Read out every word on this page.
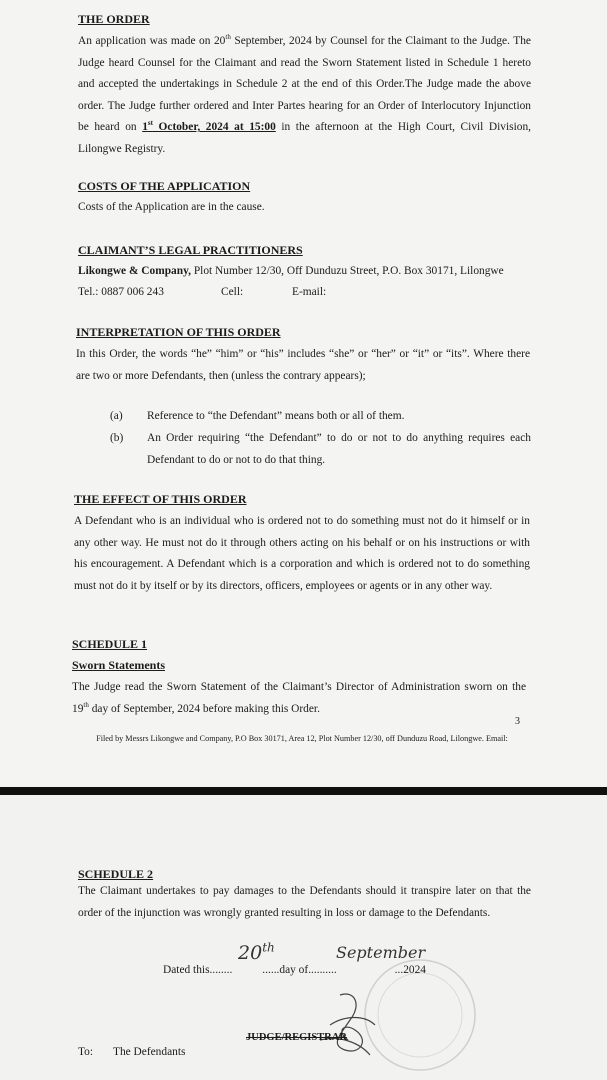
THE ORDER
An application was made on 20th September, 2024 by Counsel for the Claimant to the Judge. The Judge heard Counsel for the Claimant and read the Sworn Statement listed in Schedule 1 hereto and accepted the undertakings in Schedule 2 at the end of this Order.The Judge made the above order. The Judge further ordered and Inter Partes hearing for an Order of Interlocutory Injunction be heard on 1st October, 2024 at 15:00 in the afternoon at the High Court, Civil Division, Lilongwe Registry.
COSTS OF THE APPLICATION
Costs of the Application are in the cause.
CLAIMANT’S LEGAL PRACTITIONERS
Likongwe & Company, Plot Number 12/30, Off Dunduzu Street, P.O. Box 30171, Lilongwe
Tel.: 0887 006 243	Cell:	E-mail:
INTERPRETATION OF THIS ORDER
In this Order, the words “he” “him” or “his” includes “she” or “her” or “it” or “its”. Where there are two or more Defendants, then (unless the contrary appears);
(a) Reference to “the Defendant” means both or all of them.
(b) An Order requiring “the Defendant” to do or not to do anything requires each Defendant to do or not to do that thing.
THE EFFECT OF THIS ORDER
A Defendant who is an individual who is ordered not to do something must not do it himself or in any other way. He must not do it through others acting on his behalf or on his instructions or with his encouragement. A Defendant which is a corporation and which is ordered not to do something must not do it by itself or by its directors, officers, employees or agents or in any other way.
SCHEDULE 1
Sworn Statements
The Judge read the Sworn Statement of the Claimant’s Director of Administration sworn on the 19th day of September, 2024 before making this Order.
3
Filed by Messrs Likongwe and Company, P.O Box 30171, Area 12, Plot Number 12/30, off Dunduzu Road, Lilongwe. Email:
SCHEDULE 2
The Claimant undertakes to pay damages to the Defendants should it transpire later on that the order of the injunction was wrongly granted resulting in loss or damage to the Defendants.
Dated this........	......day of..........	...2024
20th	September
JUDGE/REGISTRAR
To: The Defendants
